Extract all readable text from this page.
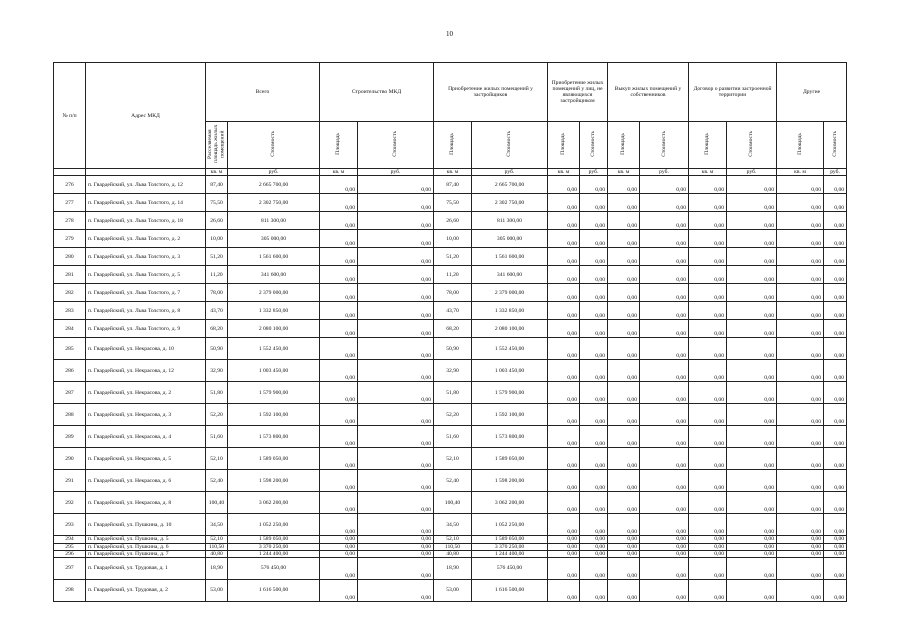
10
№ п/п	Адрес МКД	Всего		Строительство МКД		Приобретение жилых помещений у застройщиков		Приобретение жилых помещений у лиц, не являющихся застройщиком		Выкуп жилых помещений у собственников		Договор о развитии застроенной территории		Другие	
		Расселяемая площадь жилых помещений	Стоимость	Площадь	Стоимость	Площадь	Стоимость	Площадь	Стоимость	Площадь	Стоимость	Площадь	Стоимость	Площадь	Стоимость
		кв. м	руб.	кв. м	руб.	кв. м	руб.	кв. м	руб.	кв. м	руб.	кв. м	руб.	кв. м	руб.
276	п. Гвардейский, ул. Льва Толстого, д. 12	87,40	2 665 700,00	0,00	0,00	87,40	2 665 700,00	0,00	0,00	0,00	0,00	0,00	0,00	0,00	0,00
277	п. Гвардейский, ул. Льва Толстого, д. 14	75,50	2 302 750,00	0,00	0,00	75,50	2 302 750,00	0,00	0,00	0,00	0,00	0,00	0,00	0,00	0,00
278	п. Гвардейский, ул. Льва Толстого, д. 18	26,60	811 300,00	0,00	0,00	26,60	811 300,00	0,00	0,00	0,00	0,00	0,00	0,00	0,00	0,00
279	п. Гвардейский, ул. Льва Толстого, д. 2	10,00	305 000,00	0,00	0,00	10,00	305 000,00	0,00	0,00	0,00	0,00	0,00	0,00	0,00	0,00
280	п. Гвардейский, ул. Льва Толстого, д. 3	51,20	1 561 600,00	0,00	0,00	51,20	1 561 600,00	0,00	0,00	0,00	0,00	0,00	0,00	0,00	0,00
281	п. Гвардейский, ул. Льва Толстого, д. 5	11,20	341 600,00	0,00	0,00	11,20	341 600,00	0,00	0,00	0,00	0,00	0,00	0,00	0,00	0,00
282	п. Гвардейский, ул. Льва Толстого, д. 7	78,00	2 379 000,00	0,00	0,00	78,00	2 379 000,00	0,00	0,00	0,00	0,00	0,00	0,00	0,00	0,00
283	п. Гвардейский, ул. Льва Толстого, д. 8	43,70	1 332 850,00	0,00	0,00	43,70	1 332 850,00	0,00	0,00	0,00	0,00	0,00	0,00	0,00	0,00
284	п. Гвардейский, ул. Льва Толстого, д. 9	68,20	2 080 100,00	0,00	0,00	68,20	2 080 100,00	0,00	0,00	0,00	0,00	0,00	0,00	0,00	0,00
285	п. Гвардейский, ул. Некрасова, д. 10	50,90	1 552 450,00	0,00	0,00	50,90	1 552 450,00	0,00	0,00	0,00	0,00	0,00	0,00	0,00	0,00
286	п. Гвардейский, ул. Некрасова, д. 12	32,90	1 003 450,00	0,00	0,00	32,90	1 003 450,00	0,00	0,00	0,00	0,00	0,00	0,00	0,00	0,00
287	п. Гвардейский, ул. Некрасова, д. 2	51,80	1 579 900,00	0,00	0,00	51,80	1 579 900,00	0,00	0,00	0,00	0,00	0,00	0,00	0,00	0,00
288	п. Гвардейский, ул. Некрасова, д. 3	52,20	1 592 100,00	0,00	0,00	52,20	1 592 100,00	0,00	0,00	0,00	0,00	0,00	0,00	0,00	0,00
289	п. Гвардейский, ул. Некрасова, д. 4	51,60	1 573 800,00	0,00	0,00	51,60	1 573 800,00	0,00	0,00	0,00	0,00	0,00	0,00	0,00	0,00
290	п. Гвардейский, ул. Некрасова, д. 5	52,10	1 589 050,00	0,00	0,00	52,10	1 589 050,00	0,00	0,00	0,00	0,00	0,00	0,00	0,00	0,00
291	п. Гвардейский, ул. Некрасова, д. 6	52,40	1 598 200,00	0,00	0,00	52,40	1 598 200,00	0,00	0,00	0,00	0,00	0,00	0,00	0,00	0,00
292	п. Гвардейский, ул. Некрасова, д. 8	100,40	3 062 200,00	0,00	0,00	100,40	3 062 200,00	0,00	0,00	0,00	0,00	0,00	0,00	0,00	0,00
293	п. Гвардейский, ул. Пушкина, д. 10	34,50	1 052 250,00	0,00	0,00	34,50	1 052 250,00	0,00	0,00	0,00	0,00	0,00	0,00	0,00	0,00
294	п. Гвардейский, ул. Пушкина, д. 5	52,10	1 589 050,00	0,00	0,00	52,10	1 589 050,00	0,00	0,00	0,00	0,00	0,00	0,00	0,00	0,00
295	п. Гвардейский, ул. Пушкина, д. 6	110,50	3 370 250,00	0,00	0,00	110,50	3 370 250,00	0,00	0,00	0,00	0,00	0,00	0,00	0,00	0,00
296	п. Гвардейский, ул. Пушкина, д. 7	40,80	1 244 400,00	0,00	0,00	40,80	1 244 400,00	0,00	0,00	0,00	0,00	0,00	0,00	0,00	0,00
297	п. Гвардейский, ул. Трудовая, д. 1	18,90	576 450,00	0,00	0,00	18,90	576 450,00	0,00	0,00	0,00	0,00	0,00	0,00	0,00	0,00
298	п. Гвардейский, ул. Трудовая, д. 2	53,00	1 616 500,00	0,00	0,00	53,00	1 616 500,00	0,00	0,00	0,00	0,00	0,00	0,00	0,00	0,00
